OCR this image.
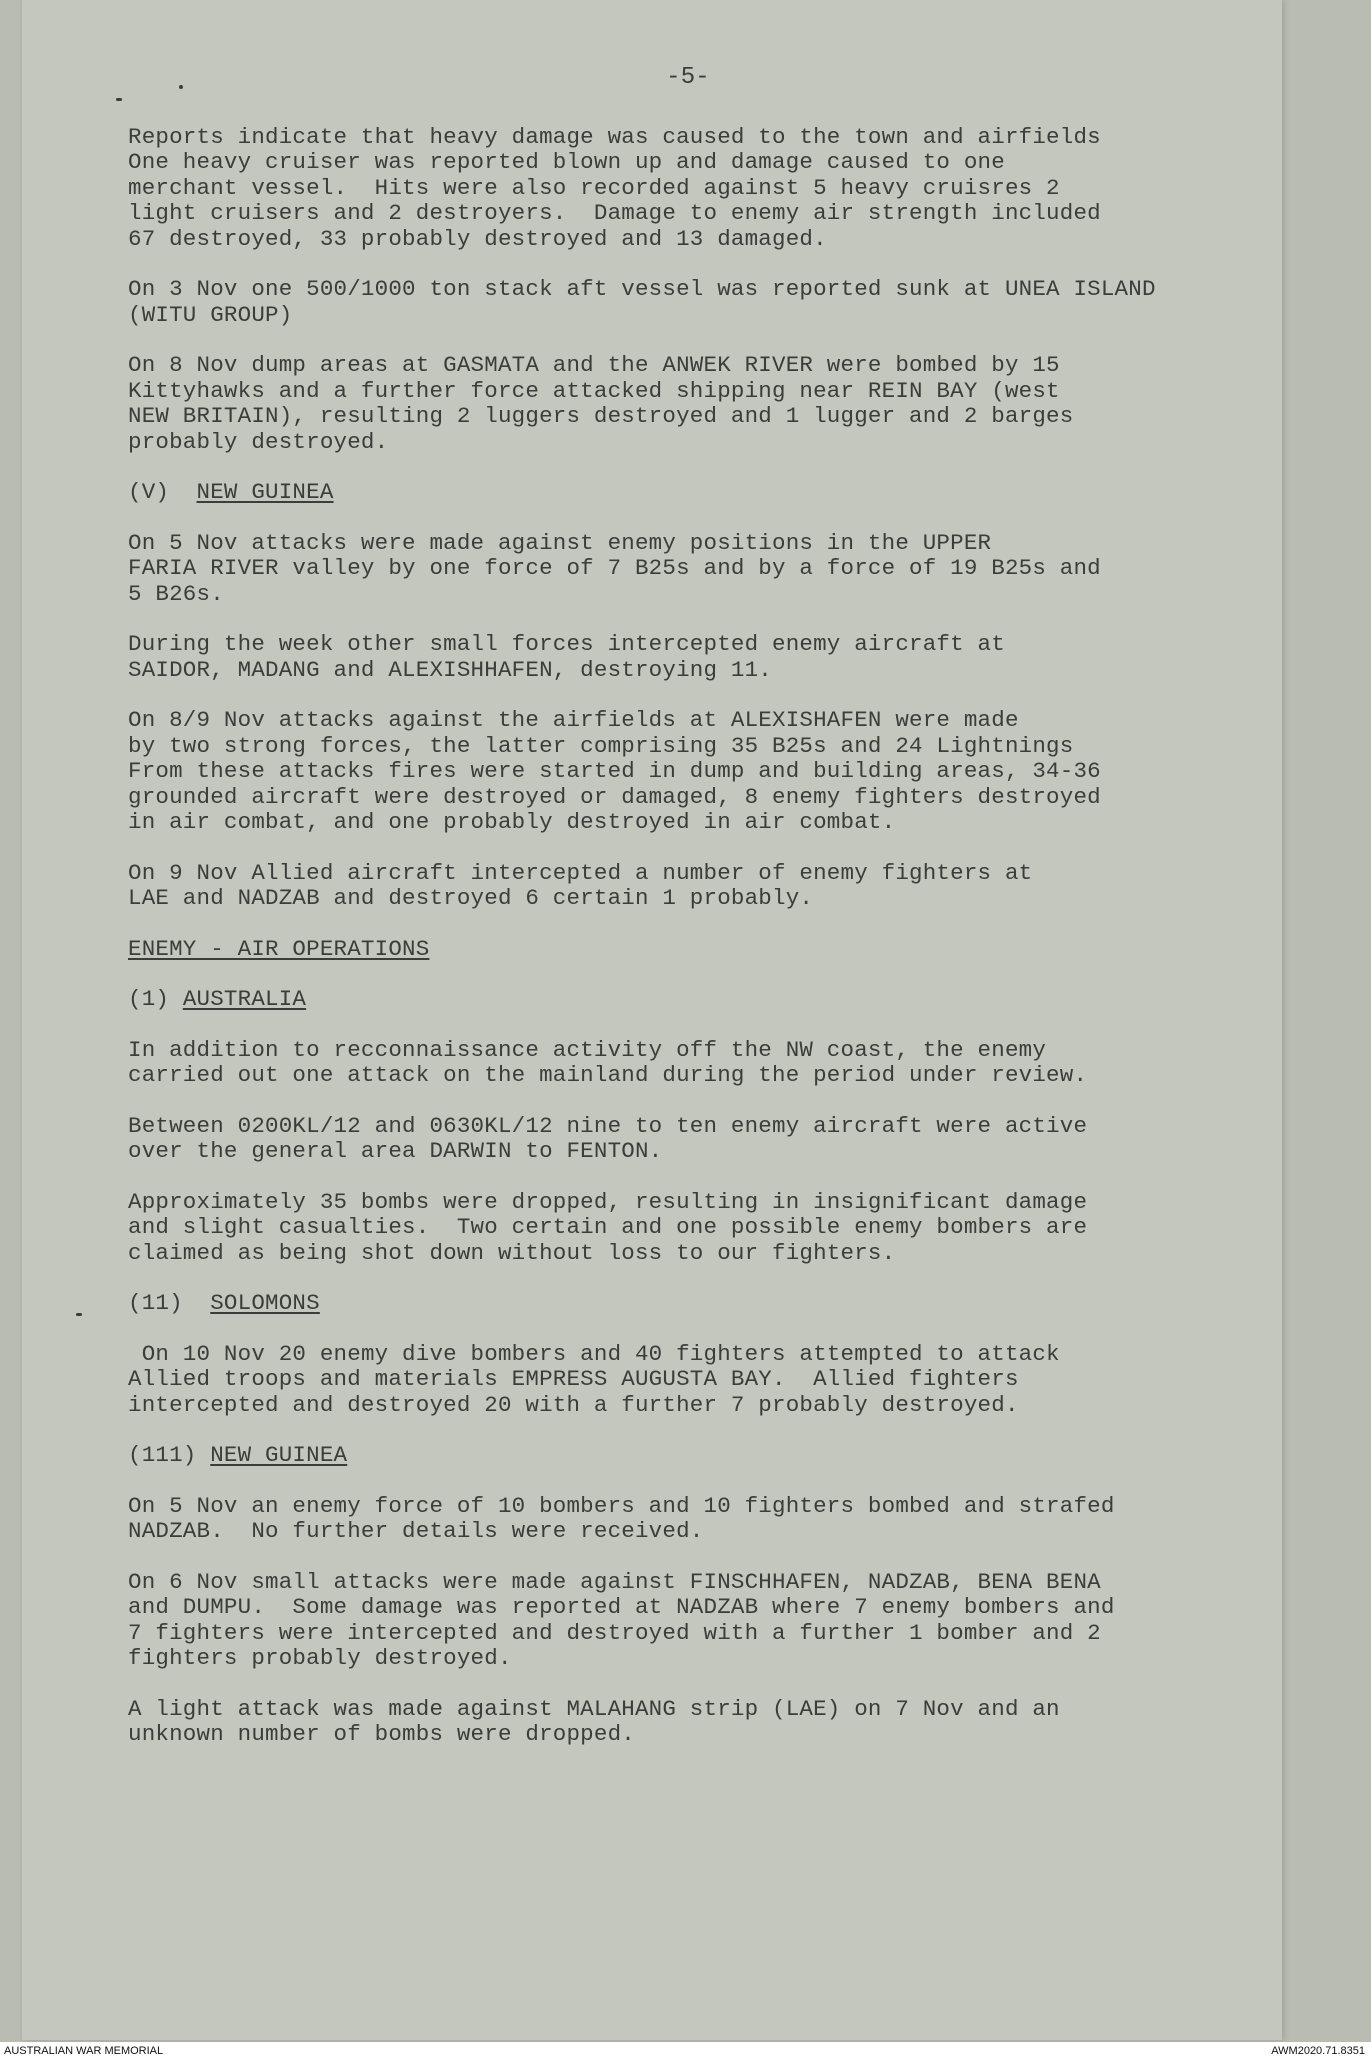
-5-
Reports indicate that heavy damage was caused to the town and airfields
One heavy cruiser was reported blown up and damage caused to one
merchant vessel.  Hits were also recorded against 5 heavy cruisres 2
light cruisers and 2 destroyers.  Damage to enemy air strength included
67 destroyed, 33 probably destroyed and 13 damaged.
On 3 Nov one 500/1000 ton stack aft vessel was reported sunk at UNEA ISLAND
(WITU GROUP)
On 8 Nov dump areas at GASMATA and the ANWEK RIVER were bombed by 15
Kittyhawks and a further force attacked shipping near REIN BAY (west
NEW BRITAIN), resulting 2 luggers destroyed and 1 lugger and 2 barges
probably destroyed.
(V) NEW GUINEA
On 5 Nov attacks were made against enemy positions in the UPPER
FARIA RIVER valley by one force of 7 B25s and by a force of 19 B25s and
5 B26s.
During the week other small forces intercepted enemy aircraft at
SAIDOR, MADANG and ALEXISHHAFEN, destroying 11.
On 8/9 Nov attacks against the airfields at ALEXISHAFEN were made
by two strong forces, the latter comprising 35 B25s and 24 Lightnings
From these attacks fires were started in dump and building areas, 34-36
grounded aircraft were destroyed or damaged, 8 enemy fighters destroyed
in air combat, and one probably destroyed in air combat.
On 9 Nov Allied aircraft intercepted a number of enemy fighters at
LAE and NADZAB and destroyed 6 certain 1 probably.
ENEMY - AIR OPERATIONS
(1) AUSTRALIA
In addition to recconnaissance activity off the NW coast, the enemy
carried out one attack on the mainland during the period under review.
Between 0200KL/12 and 0630KL/12 nine to ten enemy aircraft were active
over the general area DARWIN to FENTON.
Approximately 35 bombs were dropped, resulting in insignificant damage
and slight casualties.  Two certain and one possible enemy bombers are
claimed as being shot down without loss to our fighters.
(11) SOLOMONS
On 10 Nov 20 enemy dive bombers and 40 fighters attempted to attack
Allied troops and materials EMPRESS AUGUSTA BAY.  Allied fighters
intercepted and destroyed 20 with a further 7 probably destroyed.
(111) NEW GUINEA
On 5 Nov an enemy force of 10 bombers and 10 fighters bombed and strafed
NADZAB.  No further details were received.
On 6 Nov small attacks were made against FINSCHHAFEN, NADZAB, BENA BENA
and DUMPU.  Some damage was reported at NADZAB where 7 enemy bombers and
7 fighters were intercepted and destroyed with a further 1 bomber and 2
fighters probably destroyed.
A light attack was made against MALAHANG strip (LAE) on 7 Nov and an
unknown number of bombs were dropped.
AUSTRALIAN WAR MEMORIAL	AWM2020.71.8351
